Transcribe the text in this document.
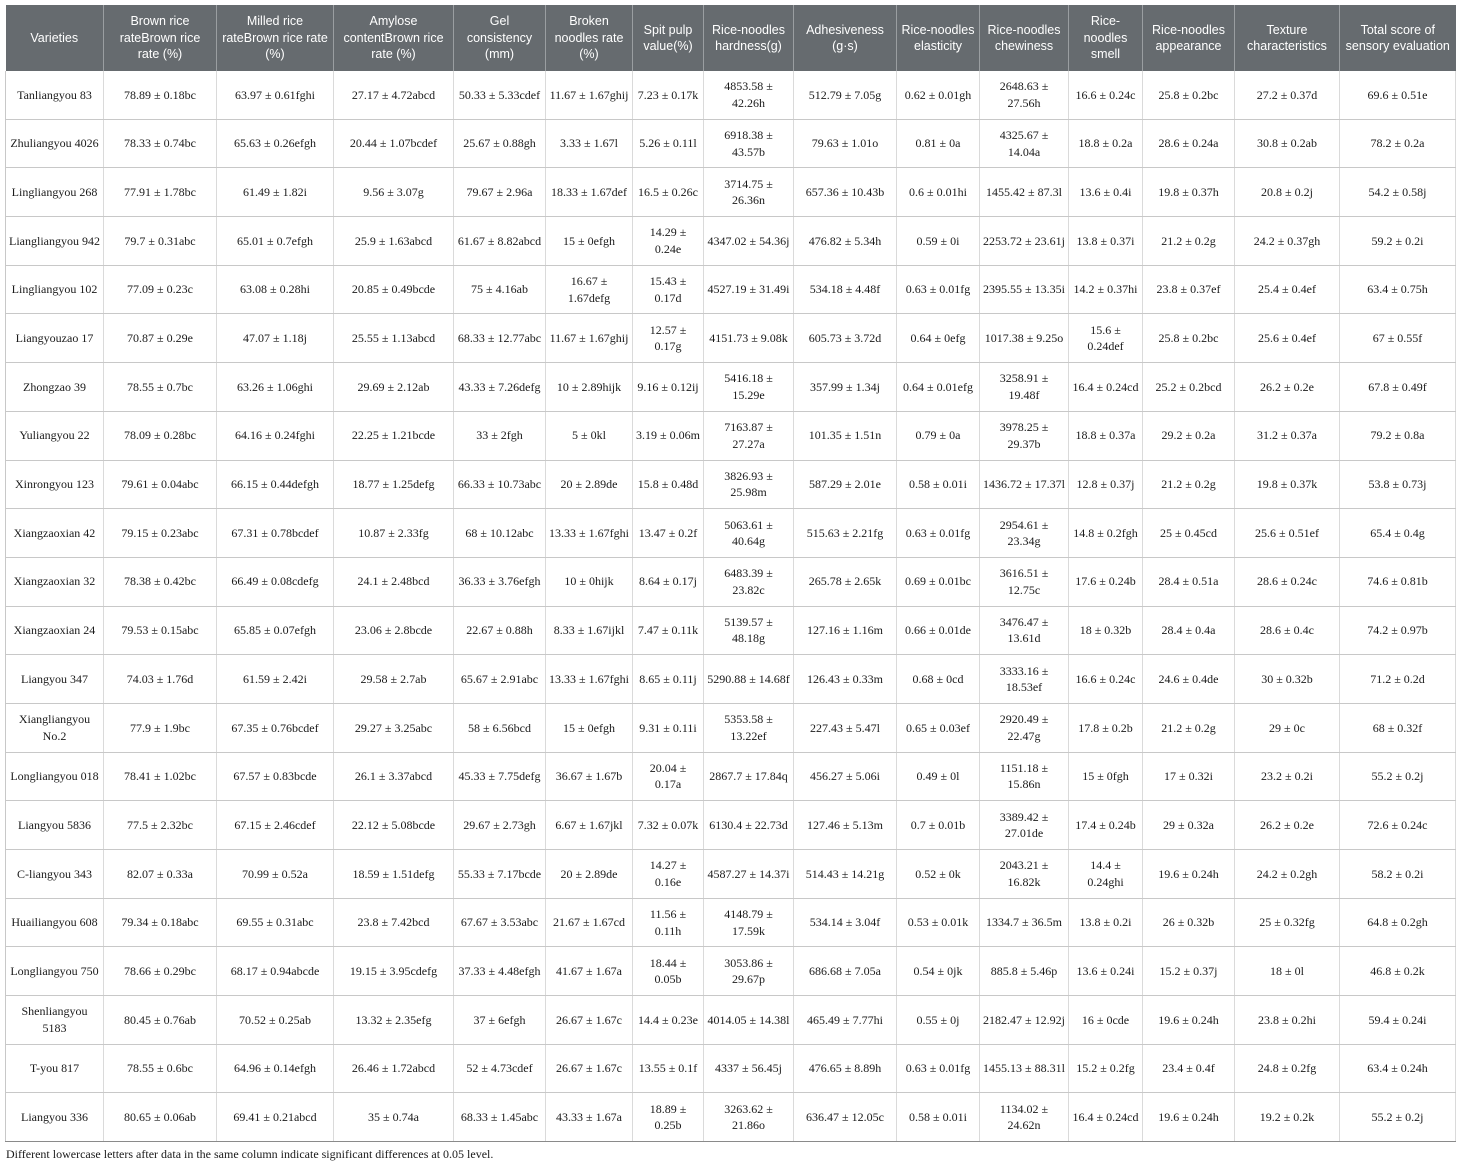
Varieties	Brown rice rateBrown rice rate (%)	Milled rice rateBrown rice rate (%)	Amylose contentBrown rice rate (%)	Gel consistency (mm)	Broken noodles rate (%)	Spit pulp value(%)	Rice-noodles hardness(g)	Adhesiveness (g·s)	Rice-noodles elasticity	Rice-noodles chewiness	Rice-noodles smell	Rice-noodles appearance	Texture characteristics	Total score of sensory evaluation
Tanliangyou 83	78.89 ± 0.18bc	63.97 ± 0.61fghi	27.17 ± 4.72abcd	50.33 ± 5.33cdef	11.67 ± 1.67ghij	7.23 ± 0.17k	4853.58 ± 42.26h	512.79 ± 7.05g	0.62 ± 0.01gh	2648.63 ± 27.56h	16.6 ± 0.24c	25.8 ± 0.2bc	27.2 ± 0.37d	69.6 ± 0.51e
Zhuliangyou 4026	78.33 ± 0.74bc	65.63 ± 0.26efgh	20.44 ± 1.07bcdef	25.67 ± 0.88gh	3.33 ± 1.67l	5.26 ± 0.11l	6918.38 ± 43.57b	79.63 ± 1.01o	0.81 ± 0a	4325.67 ± 14.04a	18.8 ± 0.2a	28.6 ± 0.24a	30.8 ± 0.2ab	78.2 ± 0.2a
Lingliangyou 268	77.91 ± 1.78bc	61.49 ± 1.82i	9.56 ± 3.07g	79.67 ± 2.96a	18.33 ± 1.67def	16.5 ± 0.26c	3714.75 ± 26.36n	657.36 ± 10.43b	0.6 ± 0.01hi	1455.42 ± 87.3l	13.6 ± 0.4i	19.8 ± 0.37h	20.8 ± 0.2j	54.2 ± 0.58j
Liangliangyou 942	79.7 ± 0.31abc	65.01 ± 0.7efgh	25.9 ± 1.63abcd	61.67 ± 8.82abcd	15 ± 0efgh	14.29 ± 0.24e	4347.02 ± 54.36j	476.82 ± 5.34h	0.59 ± 0i	2253.72 ± 23.61j	13.8 ± 0.37i	21.2 ± 0.2g	24.2 ± 0.37gh	59.2 ± 0.2i
Lingliangyou 102	77.09 ± 0.23c	63.08 ± 0.28hi	20.85 ± 0.49bcde	75 ± 4.16ab	16.67 ± 1.67defg	15.43 ± 0.17d	4527.19 ± 31.49i	534.18 ± 4.48f	0.63 ± 0.01fg	2395.55 ± 13.35i	14.2 ± 0.37hi	23.8 ± 0.37ef	25.4 ± 0.4ef	63.4 ± 0.75h
Liangyouzao 17	70.87 ± 0.29e	47.07 ± 1.18j	25.55 ± 1.13abcd	68.33 ± 12.77abc	11.67 ± 1.67ghij	12.57 ± 0.17g	4151.73 ± 9.08k	605.73 ± 3.72d	0.64 ± 0efg	1017.38 ± 9.25o	15.6 ± 0.24def	25.8 ± 0.2bc	25.6 ± 0.4ef	67 ± 0.55f
Zhongzao 39	78.55 ± 0.7bc	63.26 ± 1.06ghi	29.69 ± 2.12ab	43.33 ± 7.26defg	10 ± 2.89hijk	9.16 ± 0.12ij	5416.18 ± 15.29e	357.99 ± 1.34j	0.64 ± 0.01efg	3258.91 ± 19.48f	16.4 ± 0.24cd	25.2 ± 0.2bcd	26.2 ± 0.2e	67.8 ± 0.49f
Yuliangyou 22	78.09 ± 0.28bc	64.16 ± 0.24fghi	22.25 ± 1.21bcde	33 ± 2fgh	5 ± 0kl	3.19 ± 0.06m	7163.87 ± 27.27a	101.35 ± 1.51n	0.79 ± 0a	3978.25 ± 29.37b	18.8 ± 0.37a	29.2 ± 0.2a	31.2 ± 0.37a	79.2 ± 0.8a
Xinrongyou 123	79.61 ± 0.04abc	66.15 ± 0.44defgh	18.77 ± 1.25defg	66.33 ± 10.73abc	20 ± 2.89de	15.8 ± 0.48d	3826.93 ± 25.98m	587.29 ± 2.01e	0.58 ± 0.01i	1436.72 ± 17.37l	12.8 ± 0.37j	21.2 ± 0.2g	19.8 ± 0.37k	53.8 ± 0.73j
Xiangzaoxian 42	79.15 ± 0.23abc	67.31 ± 0.78bcdef	10.87 ± 2.33fg	68 ± 10.12abc	13.33 ± 1.67fghi	13.47 ± 0.2f	5063.61 ± 40.64g	515.63 ± 2.21fg	0.63 ± 0.01fg	2954.61 ± 23.34g	14.8 ± 0.2fgh	25 ± 0.45cd	25.6 ± 0.51ef	65.4 ± 0.4g
Xiangzaoxian 32	78.38 ± 0.42bc	66.49 ± 0.08cdefg	24.1 ± 2.48bcd	36.33 ± 3.76efgh	10 ± 0hijk	8.64 ± 0.17j	6483.39 ± 23.82c	265.78 ± 2.65k	0.69 ± 0.01bc	3616.51 ± 12.75c	17.6 ± 0.24b	28.4 ± 0.51a	28.6 ± 0.24c	74.6 ± 0.81b
Xiangzaoxian 24	79.53 ± 0.15abc	65.85 ± 0.07efgh	23.06 ± 2.8bcde	22.67 ± 0.88h	8.33 ± 1.67ijkl	7.47 ± 0.11k	5139.57 ± 48.18g	127.16 ± 1.16m	0.66 ± 0.01de	3476.47 ± 13.61d	18 ± 0.32b	28.4 ± 0.4a	28.6 ± 0.4c	74.2 ± 0.97b
Liangyou 347	74.03 ± 1.76d	61.59 ± 2.42i	29.58 ± 2.7ab	65.67 ± 2.91abc	13.33 ± 1.67fghi	8.65 ± 0.11j	5290.88 ± 14.68f	126.43 ± 0.33m	0.68 ± 0cd	3333.16 ± 18.53ef	16.6 ± 0.24c	24.6 ± 0.4de	30 ± 0.32b	71.2 ± 0.2d
Xiangliangyou No.2	77.9 ± 1.9bc	67.35 ± 0.76bcdef	29.27 ± 3.25abc	58 ± 6.56bcd	15 ± 0efgh	9.31 ± 0.11i	5353.58 ± 13.22ef	227.43 ± 5.47l	0.65 ± 0.03ef	2920.49 ± 22.47g	17.8 ± 0.2b	21.2 ± 0.2g	29 ± 0c	68 ± 0.32f
Longliangyou 018	78.41 ± 1.02bc	67.57 ± 0.83bcde	26.1 ± 3.37abcd	45.33 ± 7.75defg	36.67 ± 1.67b	20.04 ± 0.17a	2867.7 ± 17.84q	456.27 ± 5.06i	0.49 ± 0l	1151.18 ± 15.86n	15 ± 0fgh	17 ± 0.32i	23.2 ± 0.2i	55.2 ± 0.2j
Liangyou 5836	77.5 ± 2.32bc	67.15 ± 2.46cdef	22.12 ± 5.08bcde	29.67 ± 2.73gh	6.67 ± 1.67jkl	7.32 ± 0.07k	6130.4 ± 22.73d	127.46 ± 5.13m	0.7 ± 0.01b	3389.42 ± 27.01de	17.4 ± 0.24b	29 ± 0.32a	26.2 ± 0.2e	72.6 ± 0.24c
C-liangyou 343	82.07 ± 0.33a	70.99 ± 0.52a	18.59 ± 1.51defg	55.33 ± 7.17bcde	20 ± 2.89de	14.27 ± 0.16e	4587.27 ± 14.37i	514.43 ± 14.21g	0.52 ± 0k	2043.21 ± 16.82k	14.4 ± 0.24ghi	19.6 ± 0.24h	24.2 ± 0.2gh	58.2 ± 0.2i
Huailiangyou 608	79.34 ± 0.18abc	69.55 ± 0.31abc	23.8 ± 7.42bcd	67.67 ± 3.53abc	21.67 ± 1.67cd	11.56 ± 0.11h	4148.79 ± 17.59k	534.14 ± 3.04f	0.53 ± 0.01k	1334.7 ± 36.5m	13.8 ± 0.2i	26 ± 0.32b	25 ± 0.32fg	64.8 ± 0.2gh
Longliangyou 750	78.66 ± 0.29bc	68.17 ± 0.94abcde	19.15 ± 3.95cdefg	37.33 ± 4.48efgh	41.67 ± 1.67a	18.44 ± 0.05b	3053.86 ± 29.67p	686.68 ± 7.05a	0.54 ± 0jk	885.8 ± 5.46p	13.6 ± 0.24i	15.2 ± 0.37j	18 ± 0l	46.8 ± 0.2k
Shenliangyou 5183	80.45 ± 0.76ab	70.52 ± 0.25ab	13.32 ± 2.35efg	37 ± 6efgh	26.67 ± 1.67c	14.4 ± 0.23e	4014.05 ± 14.38l	465.49 ± 7.77hi	0.55 ± 0j	2182.47 ± 12.92j	16 ± 0cde	19.6 ± 0.24h	23.8 ± 0.2hi	59.4 ± 0.24i
T-you 817	78.55 ± 0.6bc	64.96 ± 0.14efgh	26.46 ± 1.72abcd	52 ± 4.73cdef	26.67 ± 1.67c	13.55 ± 0.1f	4337 ± 56.45j	476.65 ± 8.89h	0.63 ± 0.01fg	1455.13 ± 88.31l	15.2 ± 0.2fg	23.4 ± 0.4f	24.8 ± 0.2fg	63.4 ± 0.24h
Liangyou 336	80.65 ± 0.06ab	69.41 ± 0.21abcd	35 ± 0.74a	68.33 ± 1.45abc	43.33 ± 1.67a	18.89 ± 0.25b	3263.62 ± 21.86o	636.47 ± 12.05c	0.58 ± 0.01i	1134.02 ± 24.62n	16.4 ± 0.24cd	19.6 ± 0.24h	19.2 ± 0.2k	55.2 ± 0.2j
Different lowercase letters after data in the same column indicate significant differences at 0.05 level.
